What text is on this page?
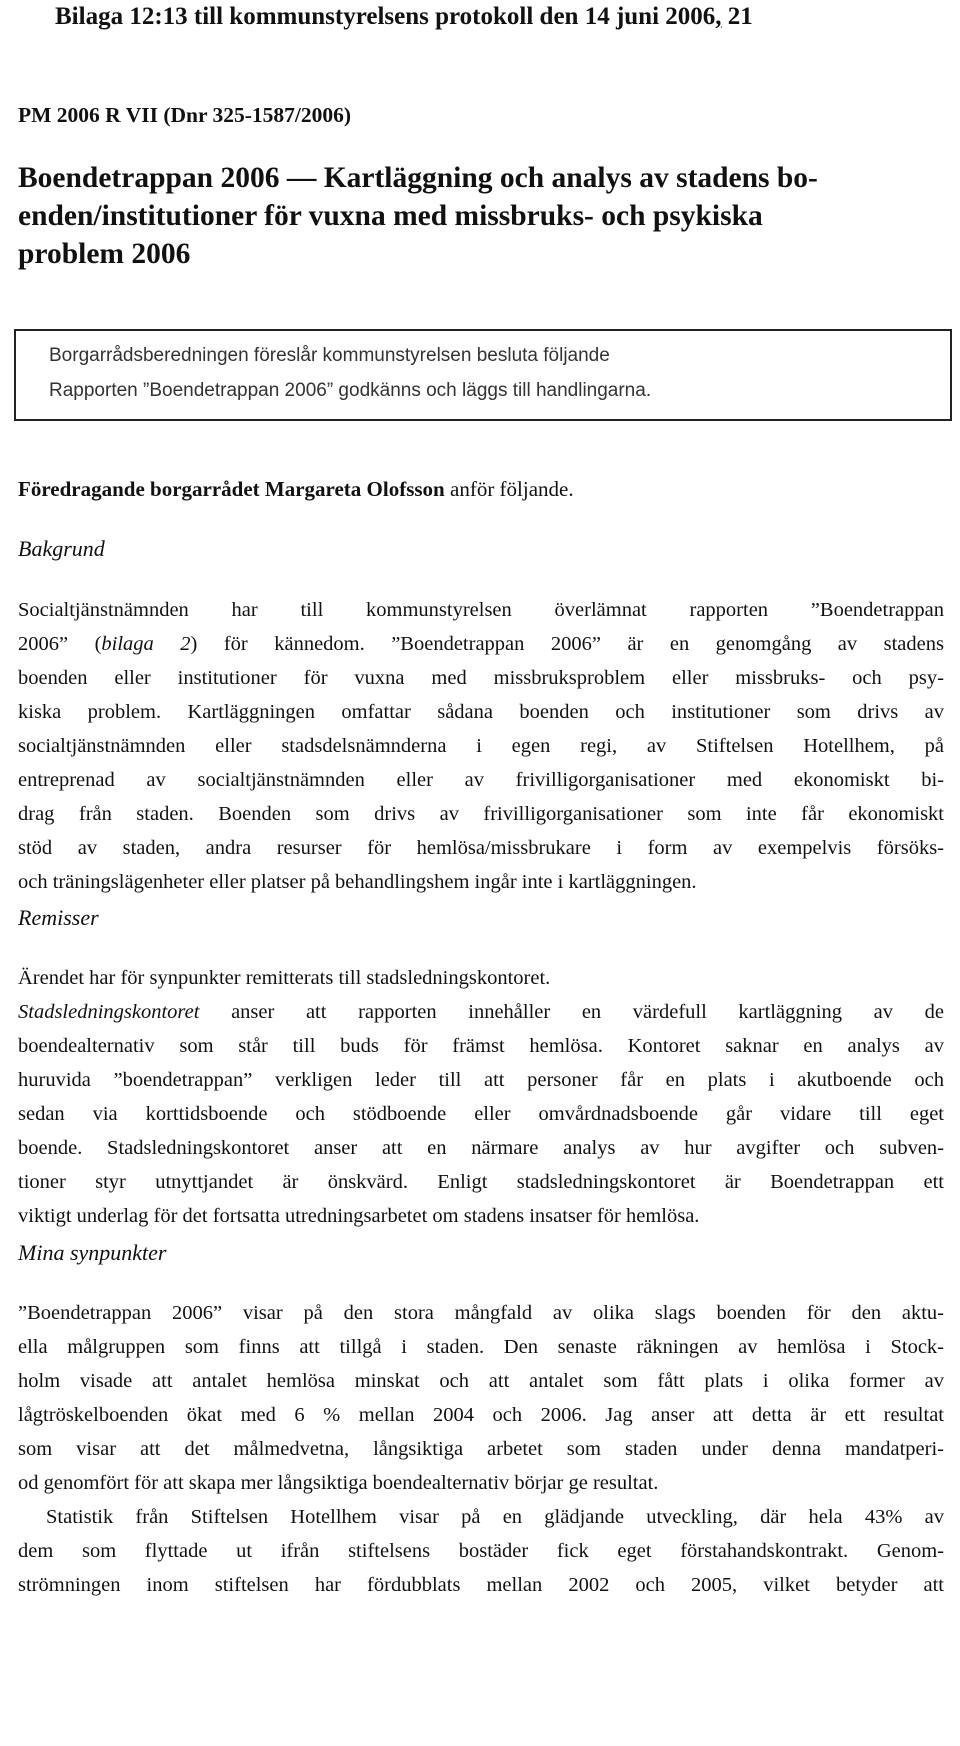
Bilaga 12:13 till kommunstyrelsens protokoll den 14 juni 2006, 21
PM 2006 R VII (Dnr 325-1587/2006)
Boendetrappan 2006 — Kartläggning och analys av stadens bo-
enden/institutioner för vuxna med missbruks- och psykiska
problem 2006
Borgarrådsberedningen föreslår kommunstyrelsen besluta följande
Rapporten ”Boendetrappan 2006” godkänns och läggs till handlingarna.
Föredragande borgarrådet Margareta Olofsson anför följande.
Bakgrund
Socialtjänstnämnden har till kommunstyrelsen överlämnat rapporten ”Boendetrappan
2006” (bilaga 2) för kännedom. ”Boendetrappan 2006” är en genomgång av stadens
boenden eller institutioner för vuxna med missbruksproblem eller missbruks- och psy-
kiska problem. Kartläggningen omfattar sådana boenden och institutioner som drivs av
socialtjänstnämnden eller stadsdelsnämnderna i egen regi, av Stiftelsen Hotellhem, på
entreprenad av socialtjänstnämnden eller av frivilligorganisationer med ekonomiskt bi-
drag från staden. Boenden som drivs av frivilligorganisationer som inte får ekonomiskt
stöd av staden, andra resurser för hemlösa/missbrukare i form av exempelvis försöks-
och träningslägenheter eller platser på behandlingshem ingår inte i kartläggningen.
Remisser
Ärendet har för synpunkter remitterats till stadsledningskontoret.
Stadsledningskontoret anser att rapporten innehåller en värdefull kartläggning av de
boendealternativ som står till buds för främst hemlösa. Kontoret saknar en analys av
huruvida ”boendetrappan” verkligen leder till att personer får en plats i akutboende och
sedan via korttidsboende och stödboende eller omvårdnadsboende går vidare till eget
boende. Stadsledningskontoret anser att en närmare analys av hur avgifter och subven-
tioner styr utnyttjandet är önskvärd. Enligt stadsledningskontoret är Boendetrappan ett
viktigt underlag för det fortsatta utredningsarbetet om stadens insatser för hemlösa.
Mina synpunkter
”Boendetrappan 2006” visar på den stora mångfald av olika slags boenden för den aktu-
ella målgruppen som finns att tillgå i staden. Den senaste räkningen av hemlösa i Stock-
holm visade att antalet hemlösa minskat och att antalet som fått plats i olika former av
lågtröskelboenden ökat med 6 % mellan 2004 och 2006. Jag anser att detta är ett resultat
som visar att det målmedvetna, långsiktiga arbetet som staden under denna mandatperi-
od genomfört för att skapa mer långsiktiga boendealternativ börjar ge resultat.
Statistik från Stiftelsen Hotellhem visar på en glädjande utveckling, där hela 43% av
dem som flyttade ut ifrån stiftelsens bostäder fick eget förstahandskontrakt. Genom-
strömningen inom stiftelsen har fördubblats mellan 2002 och 2005, vilket betyder att
